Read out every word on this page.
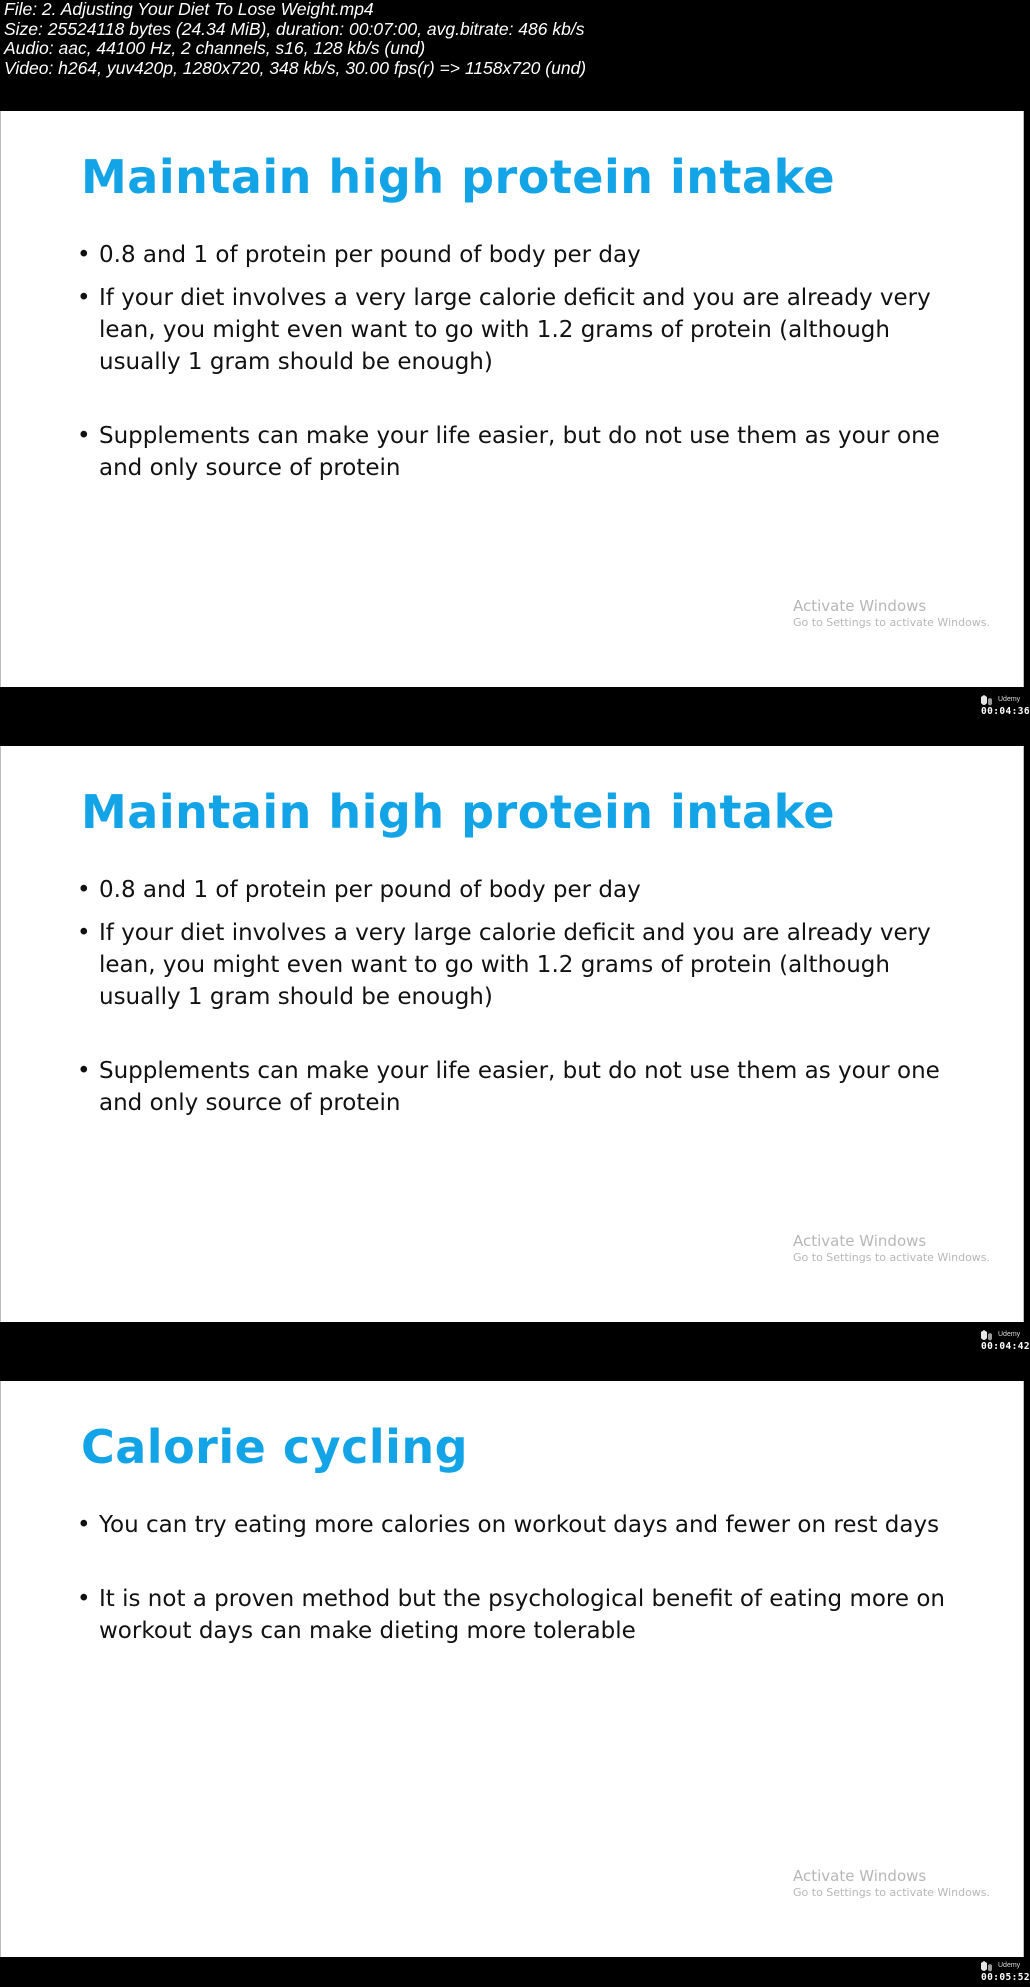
File: 2. Adjusting Your Diet To Lose Weight.mp4
Size: 25524118 bytes (24.34 MiB), duration: 00:07:00, avg.bitrate: 486 kb/s
Audio: aac, 44100 Hz, 2 channels, s16, 128 kb/s (und)
Video: h264, yuv420p, 1280x720, 348 kb/s, 30.00 fps(r) => 1158x720 (und)
Maintain high protein intake
• 0.8 and 1 of protein per pound of body per day
• If your diet involves a very large calorie deficit and you are already very lean, you might even want to go with 1.2 grams of protein (although usually 1 gram should be enough)
• Supplements can make your life easier, but do not use them as your one and only source of protein
Activate Windows
Go to Settings to activate Windows.
Udemy
00:04:36
Maintain high protein intake
• 0.8 and 1 of protein per pound of body per day
• If your diet involves a very large calorie deficit and you are already very lean, you might even want to go with 1.2 grams of protein (although usually 1 gram should be enough)
• Supplements can make your life easier, but do not use them as your one and only source of protein
Activate Windows
Go to Settings to activate Windows.
Udemy
00:04:42
Calorie cycling
• You can try eating more calories on workout days and fewer on rest days
• It is not a proven method but the psychological benefit of eating more on workout days can make dieting more tolerable
Activate Windows
Go to Settings to activate Windows.
Udemy
00:05:52
